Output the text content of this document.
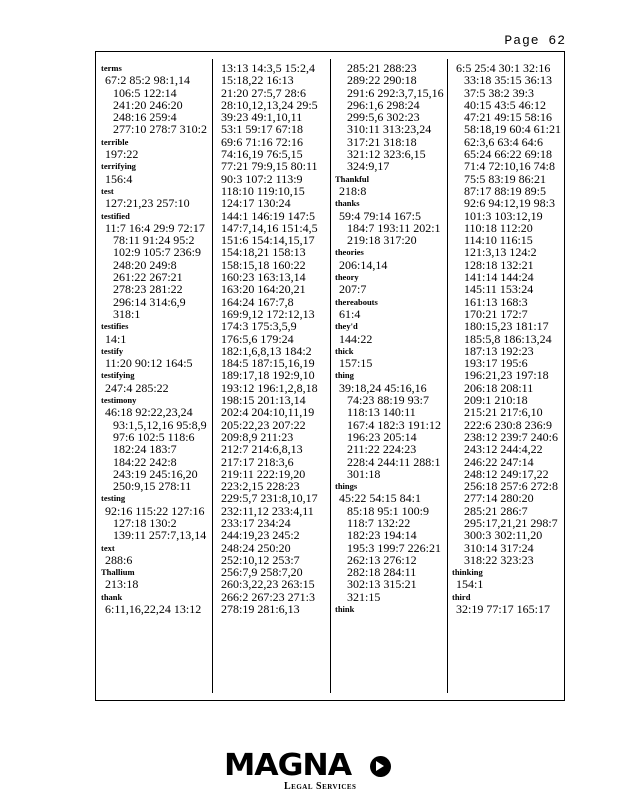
Page 62
terms
67:2 85:2 98:1,14
106:5 122:14
241:20 246:20
248:16 259:4
277:10 278:7 310:2
terrible
197:22
terrifying
156:4
test
127:21,23 257:10
testified
11:7 16:4 29:9 72:17
78:11 91:24 95:2
102:9 105:7 236:9
248:20 249:8
261:22 267:21
278:23 281:22
296:14 314:6,9
318:1
testifies
14:1
testify
11:20 90:12 164:5
testifying
247:4 285:22
testimony
46:18 92:22,23,24
93:1,5,12,16 95:8,9
97:6 102:5 118:6
182:24 183:7
184:22 242:8
243:19 245:16,20
250:9,15 278:11
testing
92:16 115:22 127:16
127:18 130:2
139:11 257:7,13,14
text
288:6
Thallium
213:18
thank
6:11,16,22,24 13:12
13:13 14:3,5 15:2,4
15:18,22 16:13
21:20 27:5,7 28:6
28:10,12,13,24 29:5
39:23 49:1,10,11
53:1 59:17 67:18
69:6 71:16 72:16
74:16,19 76:5,15
77:21 79:9,15 80:11
90:3 107:2 113:9
118:10 119:10,15
124:17 130:24
144:1 146:19 147:5
147:7,14,16 151:4,5
151:6 154:14,15,17
154:18,21 158:13
158:15,18 160:22
160:23 163:13,14
163:20 164:20,21
164:24 167:7,8
169:9,12 172:12,13
174:3 175:3,5,9
176:5,6 179:24
182:1,6,8,13 184:2
184:5 187:15,16,19
189:17,18 192:9,10
193:12 196:1,2,8,18
198:15 201:13,14
202:4 204:10,11,19
205:22,23 207:22
209:8,9 211:23
212:7 214:6,8,13
217:17 218:3,6
219:11 222:19,20
223:2,15 228:23
229:5,7 231:8,10,17
232:11,12 233:4,11
233:17 234:24
244:19,23 245:2
248:24 250:20
252:10,12 253:7
256:7,9 258:7,20
260:3,22,23 263:15
266:2 267:23 271:3
278:19 281:6,13
285:21 288:23
289:22 290:18
291:6 292:3,7,15,16
296:1,6 298:24
299:5,6 302:23
310:11 313:23,24
317:21 318:18
321:12 323:6,15
324:9,17
Thankful
218:8
thanks
59:4 79:14 167:5
184:7 193:11 202:1
219:18 317:20
theories
206:14,14
theory
207:7
thereabouts
61:4
they'd
144:22
thick
157:15
thing
39:18,24 45:16,16
74:23 88:19 93:7
118:13 140:11
167:4 182:3 191:12
196:23 205:14
211:22 224:23
228:4 244:11 288:1
301:18
things
45:22 54:15 84:1
85:18 95:1 100:9
118:7 132:22
182:23 194:14
195:3 199:7 226:21
262:13 276:12
282:18 284:11
302:13 315:21
321:15
think
6:5 25:4 30:1 32:16
33:18 35:15 36:13
37:5 38:2 39:3
40:15 43:5 46:12
47:21 49:15 58:16
58:18,19 60:4 61:21
62:3,6 63:4 64:6
65:24 66:22 69:18
71:4 72:10,16 74:8
75:5 83:19 86:21
87:17 88:19 89:5
92:6 94:12,19 98:3
101:3 103:12,19
110:18 112:20
114:10 116:15
121:3,13 124:2
128:18 132:21
141:14 144:24
145:11 153:24
161:13 168:3
170:21 172:7
180:15,23 181:17
185:5,8 186:13,24
187:13 192:23
193:17 195:6
196:21,23 197:18
206:18 208:11
209:1 210:18
215:21 217:6,10
222:6 230:8 236:9
238:12 239:7 240:6
243:12 244:4,22
246:22 247:14
248:12 249:17,22
256:18 257:6 272:8
277:14 280:20
285:21 286:7
295:17,21,21 298:7
300:3 302:11,20
310:14 317:24
318:22 323:23
thinking
154:1
third
32:19 77:17 165:17
MAGNA
Legal Services
